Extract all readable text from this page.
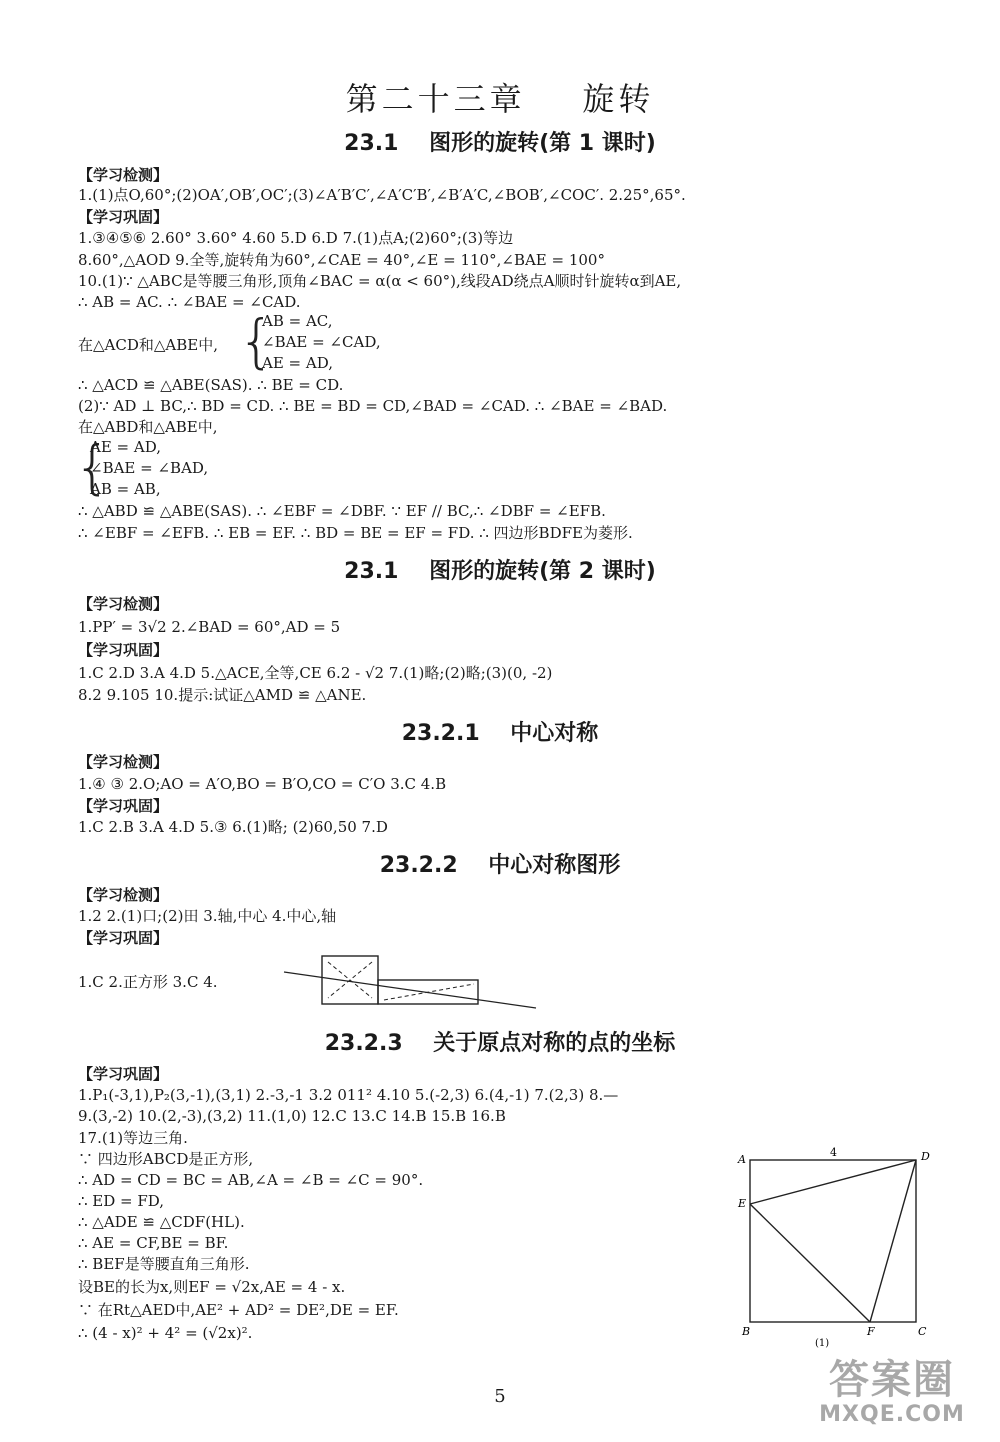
第二十三章    旋转
23.1    图形的旋转(第 1 课时)
【学习检测】
1.(1)点O,60°;(2)OA′,OB′,OC′;(3)∠A′B′C′,∠A′C′B′,∠B′A′C,∠BOB′,∠COC′. 2.25°,65°.
【学习巩固】
1.③④⑤⑥ 2.60° 3.60° 4.60 5.D 6.D 7.(1)点A;(2)60°;(3)等边
8.60°,△AOD 9.全等,旋转角为60°,∠CAE = 40°,∠E = 110°,∠BAE = 100°
10.(1)∵ △ABC是等腰三角形,顶角∠BAC = α(α < 60°),线段AD绕点A顺时针旋转α到AE,
∴ AB = AC. ∴ ∠BAE = ∠CAD.
在△ACD和△ABE中, {
AB = AC,
∠BAE = ∠CAD,
AE = AD,
∴ △ACD ≌ △ABE(SAS). ∴ BE = CD.
(2)∵ AD ⊥ BC,∴ BD = CD. ∴ BE = BD = CD,∠BAD = ∠CAD. ∴ ∠BAE = ∠BAD.
在△ABD和△ABE中,
{
AE = AD,
∠BAE = ∠BAD,
AB = AB,
∴ △ABD ≌ △ABE(SAS). ∴ ∠EBF = ∠DBF. ∵ EF // BC,∴ ∠DBF = ∠EFB.
∴ ∠EBF = ∠EFB. ∴ EB = EF. ∴ BD = BE = EF = FD. ∴ 四边形BDFE为菱形.
23.1    图形的旋转(第 2 课时)
【学习检测】
1.PP′ = 3√2 2.∠BAD = 60°,AD = 5
【学习巩固】
1.C 2.D 3.A 4.D 5.△ACE,全等,CE 6.2 - √2 7.(1)略;(2)略;(3)(0, -2)
8.2 9.105 10.提示:试证△AMD ≌ △ANE.
23.2.1    中心对称
【学习检测】
1.④ ③ 2.O;AO = A′O,BO = B′O,CO = C′O 3.C 4.B
【学习巩固】
1.C 2.B 3.A 4.D 5.③ 6.(1)略; (2)60,50 7.D
23.2.2    中心对称图形
【学习检测】
1.2 2.(1)口;(2)田 3.轴,中心 4.中心,轴
【学习巩固】
1.C 2.正方形 3.C 4.
23.2.3    关于原点对称的点的坐标
【学习巩固】
1.P₁(-3,1),P₂(3,-1),(3,1) 2.-3,-1 3.2 011² 4.10 5.(-2,3) 6.(4,-1) 7.(2,3) 8.—
9.(3,-2) 10.(2,-3),(3,2) 11.(1,0) 12.C 13.C 14.B 15.B 16.B
17.(1)等边三角.
∵ 四边形ABCD是正方形,
∴ AD = CD = BC = AB,∠A = ∠B = ∠C = 90°.
∴ ED = FD,
∴ △ADE ≌ △CDF(HL).
∴ AE = CF,BE = BF.
∴ BEF是等腰直角三角形.
设BE的长为x,则EF = √2x,AE = 4 - x.
∵ 在Rt△AED中,AE² + AD² = DE²,DE = EF.
∴ (4 - x)² + 4² = (√2x)².
A	D
E
B	F	C
4
(1)
5	答案圈
MXQE.COM
